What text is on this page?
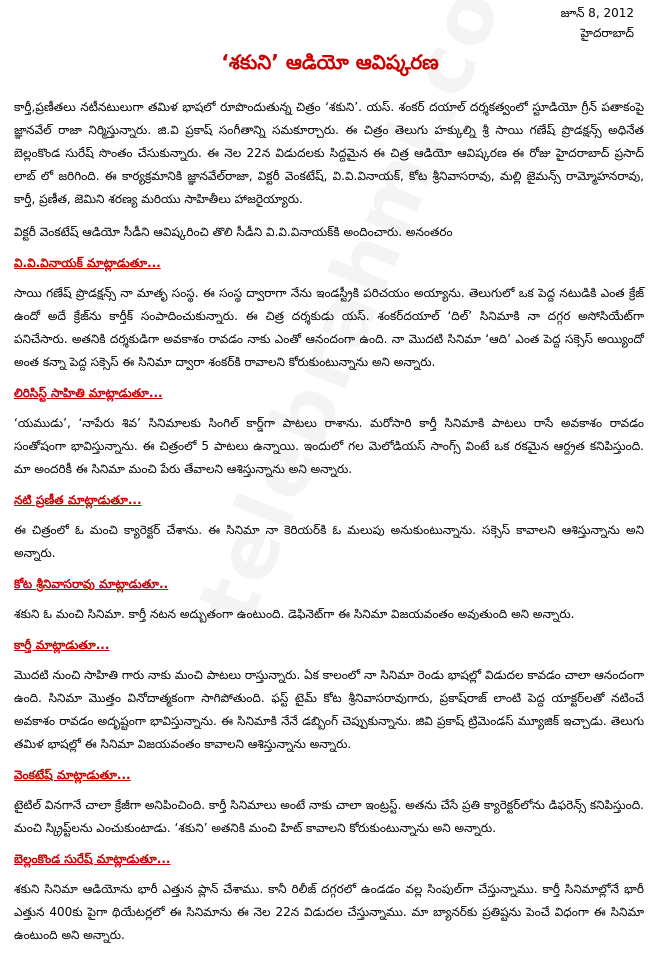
జూన్ 8, 2012
హైదరాబాద్
‘శకుని’ ఆడియో ఆవిష్కరణ

కార్తీ,ప్రణీతలు నటీనటులుగా తమిళ భాషలో రూపొందుతున్న చిత్రం ‘శకుని’. యస్. శంకర్ దయాల్ దర్శకత్వంలో స్టూడియో గ్రీన్ పతాకంపై జ్ఞానవేల్ రాజా నిర్మిస్తున్నారు. జి.వి ప్రకాష్ సంగీతాన్ని సమకూర్చారు. ఈ చిత్రం తెలుగు హక్కుల్ని శ్రీ సాయి గణేష్ ప్రొడక్షన్స్ అధినేత బెల్లంకొండ సురేష్ సొంతం చేసుకున్నారు. ఈ నెల 22న విడుదలకు సిద్దమైన ఈ చిత్ర ఆడియో ఆవిష్కరణ ఈ రోజు హైదరాబాద్ ప్రసాద్ లాబ్ లో జరిగింది. ఈ కార్యక్రమానికి జ్ఞానవేల్‌రాజా, విక్టరీ వెంకటేష్, వి.వి.వినాయక్, కోట శ్రీనివాసరావు, మల్లి జైమన్స్ రామ్మోహనరావు, కార్తీ, ప్రణీత, జెమిని శరణ్య మరియు సాహితీలు హాజరైయ్యారు.

విక్టరీ వెంకటేష్ ఆడియో సీడీని ఆవిష్కరించి తొలి సీడీని వి.వి.వినాయక్‌కి అందించారు. అనంతరం

వి.వి.వినాయక్ మాట్లాడుతూ...

సాయి గణేష్ ప్రొడక్షన్స్ నా మాతృ సంస్థ. ఈ సంస్థ ద్వారాగా నేను ఇండస్ట్రీకి పరిచయం అయ్యాను. తెలుగులో ఒక పెద్ద నటుడికి ఎంత క్రేజ్ ఉందో అదే క్రేజ్‌ను కార్తీక్ సంపాదించుకున్నారు. ఈ చిత్ర దర్శకుడు యస్. శంకర్‌దయాల్ ‘దిల్’ సినిమాకి నా దగ్గర అసోసియేట్‌గా పనిచేసారు. అతనికి దర్శకుడిగా అవకాశం రావడం నాకు ఎంతో ఆనందంగా ఉంది. నా మొదటి సినిమా ‘ఆది’ ఎంత పెద్ద సక్సెస్ అయ్యిందో అంత కన్నా పెద్ద సక్సెస్ ఈ సినిమా ద్వారా శంకర్‌కి రావాలని కోరుకుంటున్నాను అని అన్నారు.

లిరిసిస్ట్ సాహితి మాట్లాడుతూ...

‘యముడు’, ‘నాపేరు శివ’ సినిమాలకు సింగిల్ కార్డ్‌గా పాటలు రాశాను. మరోసారి కార్తీ సినిమాకి పాటలు రాసే అవకాశం రావడం సంతోషంగా భావిస్తున్నాను. ఈ చిత్రంలో 5 పాటలు ఉన్నాయి. ఇందులో గల మెలోడియస్ సాంగ్స్ వింటే ఒక రకమైన ఆర్ద్రత కనిపిస్తుంది. మా అందరికీ ఈ సినిమా మంచి పేరు తేవాలని ఆశిస్తున్నాను అని అన్నారు.

నటి ప్రణీత మాట్లాడుతూ...

ఈ చిత్రంలో ఓ మంచి క్యారెక్టర్ చేశాను. ఈ సినిమా నా కెరియర్‌కి ఓ మలుపు అనుకుంటున్నాను. సక్సెస్ కావాలని ఆశిస్తున్నాను అని అన్నారు.

కోట శ్రీనివాసరావు మాట్లాడుతూ..

శకుని ఓ మంచి సినిమా. కార్తీ నటన అద్బుతంగా ఉంటుంది. డెఫినెట్‌గా ఈ సినిమా విజయవంతం అవుతుంది అని అన్నారు.

కార్తీ మాట్లాడుతూ...

మొదటి నుంచి సాహితి గారు నాకు మంచి పాటలు రాస్తున్నారు. ఏక కాలంలో నా సినిమా రెండు భాషల్లో విడుదల కావడం చాలా ఆనందంగా ఉంది. సినిమా మొత్తం వినోదాత్మకంగా సాగిపోతుంది. ఫస్ట్ టైమ్ కోట శ్రీనివాసరావుగారు, ప్రకాష్‌రాజ్ లాంటి పెద్ద యాక్టర్‌లతో నటించే అవకాశం రావడం అదృష్టంగా భావిస్తున్నాను. ఈ సినిమాకి నేనే డబ్బింగ్ చెప్పుకున్నాను. జివి ప్రకాష్ ట్రిమెండస్ మ్యూజిక్ ఇచ్చాడు. తెలుగు తమిళ భాషల్లో ఈ సినిమా విజయవంతం కావాలని ఆశిస్తున్నాను అన్నారు.

వెంకటేష్ మాట్లాడుతూ...

టైటిల్ వినగానే చాలా క్రేజీగా అనిపించింది. కార్తీ సినిమాలు అంటే నాకు చాలా ఇంట్రస్ట్. అతను చేసే ప్రతి క్యారెక్టర్‌లోను డిఫరెన్స్ కనిపిస్తుంది. మంచి స్క్రిప్ట్‌లను ఎంచుకుంటాడు. ‘శకుని’ అతనికి మంచి హిట్ కావాలని కోరుకుంటున్నాను అని అన్నారు.

బెల్లంకొండ సురేష్ మాట్లాడుతూ...

శకుని సినిమా ఆడియోను భారీ ఎత్తున ప్లాన్ చేశాము. కానీ రిలీజ్ దగ్గరలో ఉండడం వల్ల సింపుల్‌గా చేస్తున్నాము. కార్తీ సినిమాల్లోనే భారీ ఎత్తున 400కు పైగా థియేటర్లలో ఈ సినిమాను ఈ నెల 22న విడుదల చేస్తున్నాము. మా బ్యానర్‌కు ప్రతిష్టను పెంచే విధంగా ఈ సినిమా ఉంటుంది అని అన్నారు.
